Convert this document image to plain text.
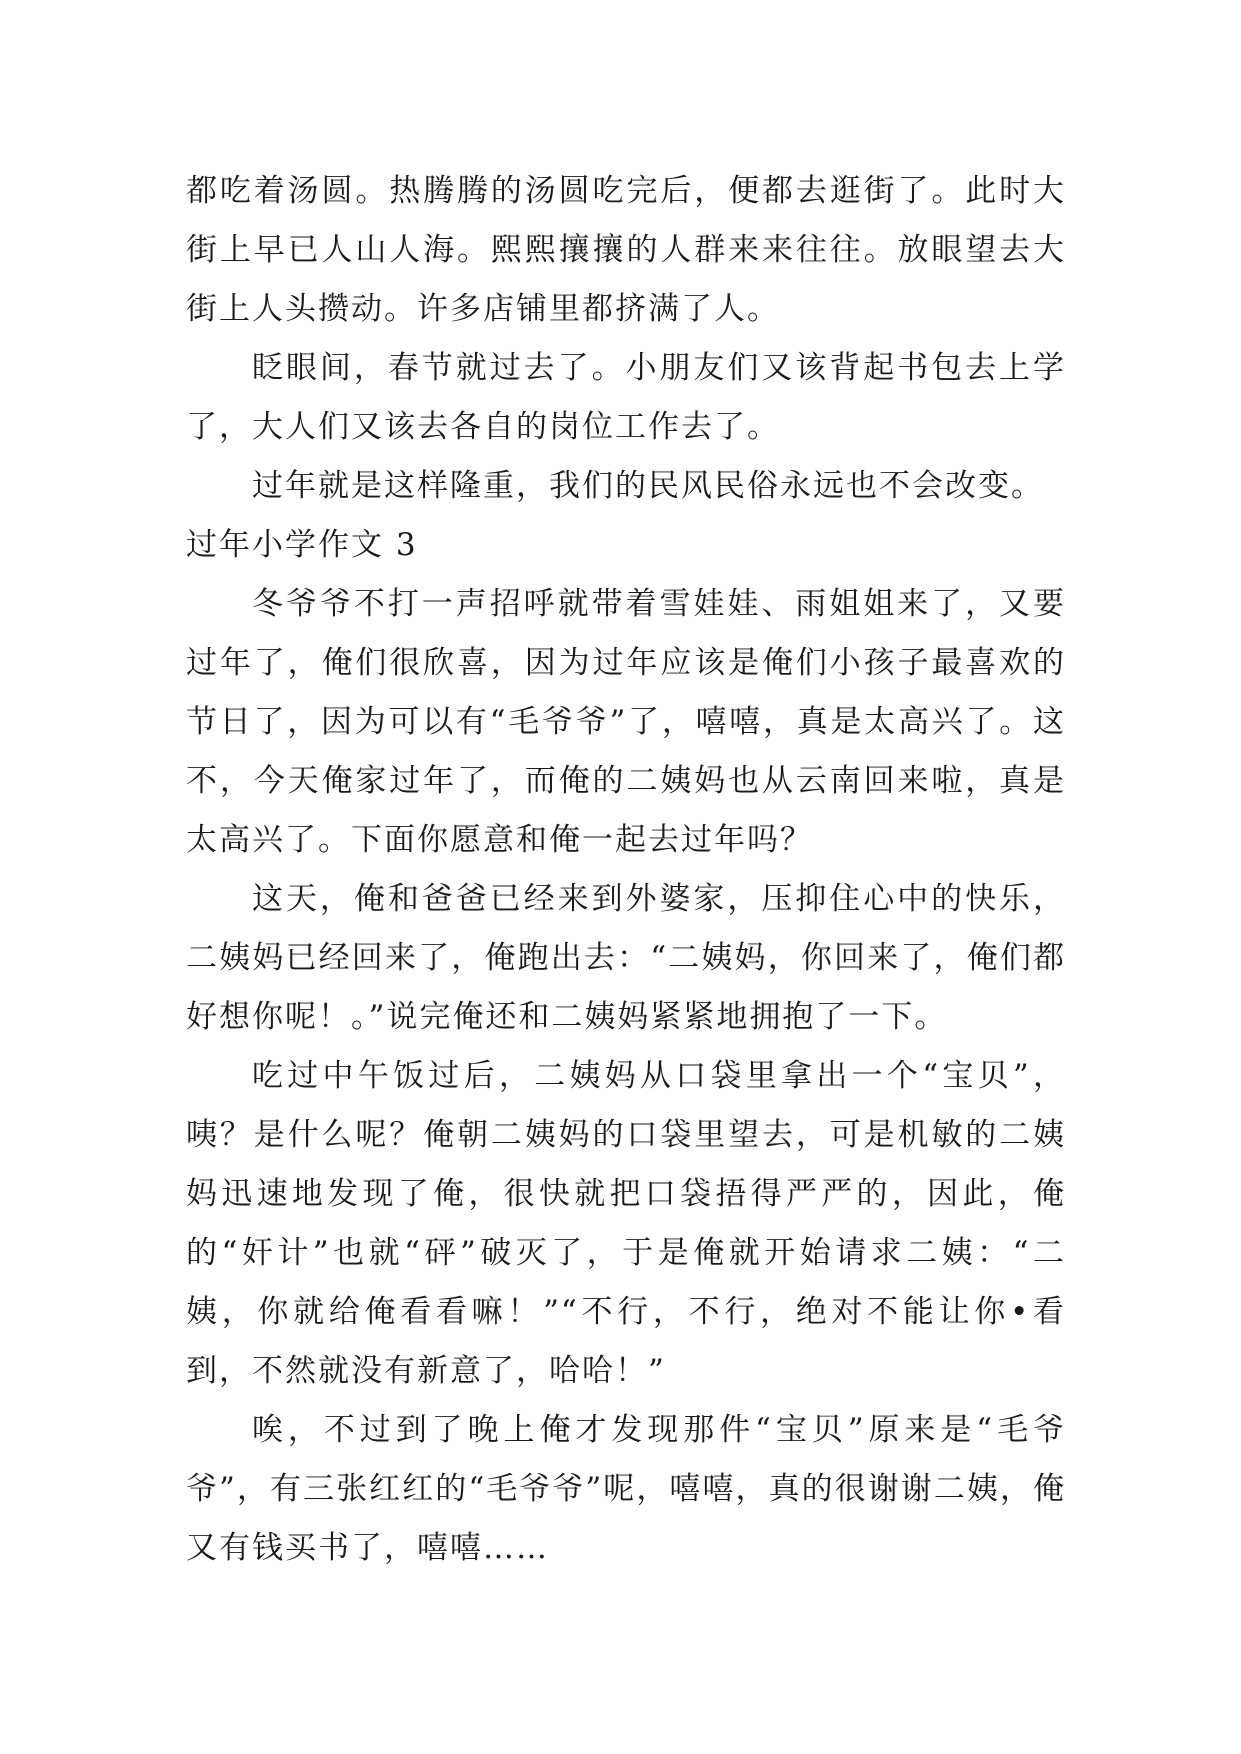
都吃着汤圆。热腾腾的汤圆吃完后，便都去逛街了。此时大街上早已人山人海。熙熙攘攘的人群来来往往。放眼望去大街上人头攒动。许多店铺里都挤满了人。

眨眼间，春节就过去了。小朋友们又该背起书包去上学了，大人们又该去各自的岗位工作去了。

过年就是这样隆重，我们的民风民俗永远也不会改变。

过年小学作文 3

冬爷爷不打一声招呼就带着雪娃娃、雨姐姐来了，又要过年了，俺们很欣喜，因为过年应该是俺们小孩子最喜欢的节日了，因为可以有“毛爷爷”了，嘻嘻，真是太高兴了。这不，今天俺家过年了，而俺的二姨妈也从云南回来啦，真是太高兴了。下面你愿意和俺一起去过年吗？

这天，俺和爸爸已经来到外婆家，压抑住心中的快乐，二姨妈已经回来了，俺跑出去：“二姨妈，你回来了，俺们都好想你呢！。”说完俺还和二姨妈紧紧地拥抱了一下。

吃过中午饭过后，二姨妈从口袋里拿出一个“宝贝”，咦？是什么呢？俺朝二姨妈的口袋里望去，可是机敏的二姨妈迅速地发现了俺，很快就把口袋捂得严严的，因此，俺的“奸计”也就“砰”破灭了，于是俺就开始请求二姨：“二姨，你就给俺看看嘛！”“不行，不行，绝对不能让你•看到，不然就没有新意了，哈哈！”

唉，不过到了晚上俺才发现那件“宝贝”原来是“毛爷爷”，有三张红红的“毛爷爷”呢，嘻嘻，真的很谢谢二姨，俺又有钱买书了，嘻嘻……
